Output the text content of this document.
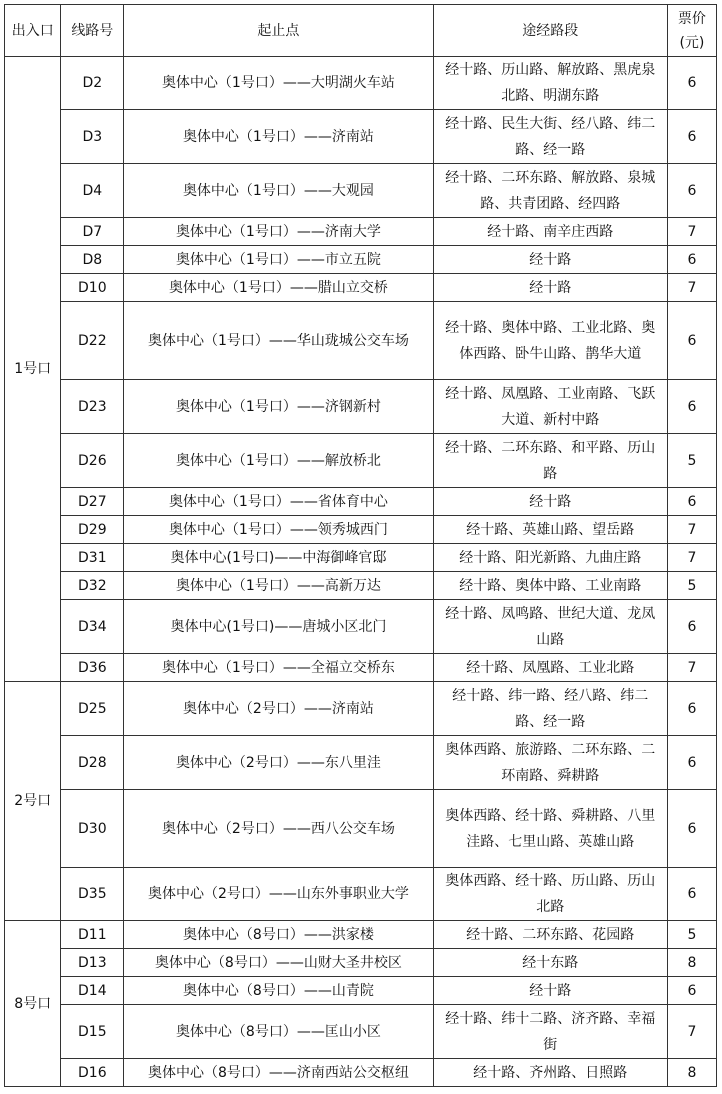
出入口	线路号	起止点	途经路段	票价(元)
1号口	D2	奥体中心（1号口）——大明湖火车站	经十路、历山路、解放路、黑虎泉北路、明湖东路	6
	D3	奥体中心（1号口）——济南站	经十路、民生大街、经八路、纬二路、经一路	6
	D4	奥体中心（1号口）——大观园	经十路、二环东路、解放路、泉城路、共青团路、经四路	6
	D7	奥体中心（1号口）——济南大学	经十路、南辛庄西路	7
	D8	奥体中心（1号口）——市立五院	经十路	6
	D10	奥体中心（1号口）——腊山立交桥	经十路	7
	D22	奥体中心（1号口）——华山珑城公交车场	经十路、奥体中路、工业北路、奥体西路、卧牛山路、鹊华大道	6
	D23	奥体中心（1号口）——济钢新村	经十路、凤凰路、工业南路、飞跃大道、新村中路	6
	D26	奥体中心（1号口）——解放桥北	经十路、二环东路、和平路、历山路	5
	D27	奥体中心（1号口）——省体育中心	经十路	6
	D29	奥体中心（1号口）——领秀城西门	经十路、英雄山路、望岳路	7
	D31	奥体中心(1号口)——中海御峰官邸	经十路、阳光新路、九曲庄路	7
	D32	奥体中心（1号口）——高新万达	经十路、奥体中路、工业南路	5
	D34	奥体中心(1号口)——唐城小区北门	经十路、凤鸣路、世纪大道、龙凤山路	6
	D36	奥体中心（1号口）——全福立交桥东	经十路、凤凰路、工业北路	7
2号口	D25	奥体中心（2号口）——济南站	经十路、纬一路、经八路、纬二路、经一路	6
	D28	奥体中心（2号口）——东八里洼	奥体西路、旅游路、二环东路、二环南路、舜耕路	6
	D30	奥体中心（2号口）——西八公交车场	奥体西路、经十路、舜耕路、八里洼路、七里山路、英雄山路	6
	D35	奥体中心（2号口）——山东外事职业大学	奥体西路、经十路、历山路、历山北路	6
8号口	D11	奥体中心（8号口）——洪家楼	经十路、二环东路、花园路	5
	D13	奥体中心（8号口）——山财大圣井校区	经十东路	8
	D14	奥体中心（8号口）——山青院	经十路	6
	D15	奥体中心（8号口）——匡山小区	经十路、纬十二路、济齐路、幸福街	7
	D16	奥体中心（8号口）——济南西站公交枢纽	经十路、齐州路、日照路	8
